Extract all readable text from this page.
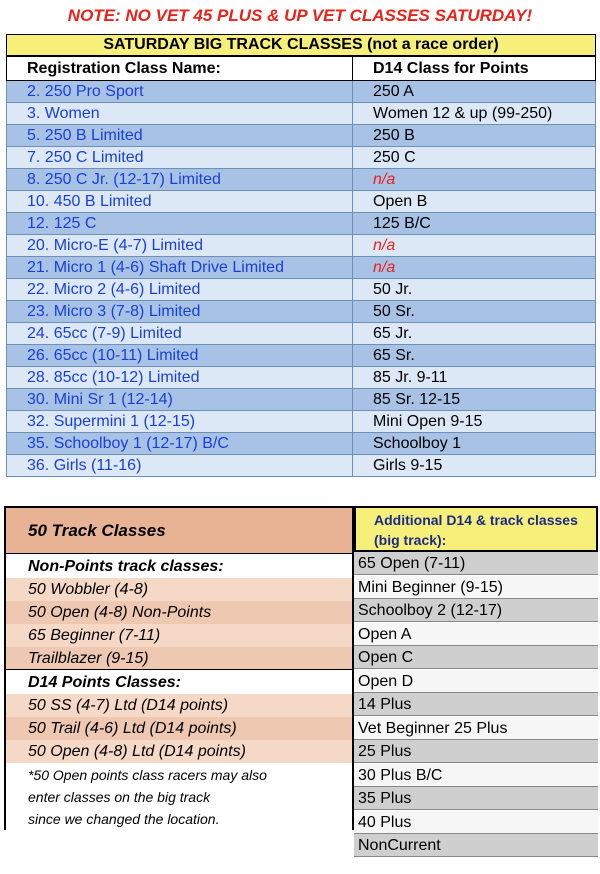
NOTE: NO VET 45 PLUS & UP VET CLASSES SATURDAY!
SATURDAY BIG TRACK CLASSES (not a race order)
Registration Class Name:	D14 Class for Points
2. 250 Pro Sport	250 A
3. Women	Women 12 & up (99-250)
5. 250 B Limited	250 B
7. 250 C Limited	250 C
8. 250 C Jr. (12-17) Limited	n/a
10. 450 B Limited	Open B
12. 125 C	125 B/C
20. Micro-E (4-7) Limited	n/a
21. Micro 1 (4-6) Shaft Drive Limited	n/a
22. Micro 2 (4-6) Limited	50 Jr.
23. Micro 3 (7-8) Limited	50 Sr.
24. 65cc (7-9) Limited	65 Jr.
26. 65cc (10-11) Limited	65 Sr.
28. 85cc (10-12) Limited	85 Jr. 9-11
30. Mini Sr 1 (12-14)	85 Sr. 12-15
32. Supermini 1 (12-15)	Mini Open 9-15
35. Schoolboy 1 (12-17) B/C	Schoolboy 1
36. Girls (11-16)	Girls 9-15
50 Track Classes
Non-Points track classes:
50 Wobbler (4-8)
50 Open (4-8) Non-Points
65 Beginner (7-11)
Trailblazer (9-15)
D14 Points Classes:
50 SS (4-7) Ltd (D14 points)
50 Trail (4-6) Ltd (D14 points)
50 Open (4-8) Ltd (D14 points)
*50 Open points class racers may also
enter classes on the big track
since we changed the location.
Additional D14 & track classes
(big track):
65 Open (7-11)
Mini Beginner (9-15)
Schoolboy 2 (12-17)
Open A
Open C
Open D
14 Plus
Vet Beginner 25 Plus
25 Plus
30 Plus B/C
35 Plus
40 Plus
NonCurrent
